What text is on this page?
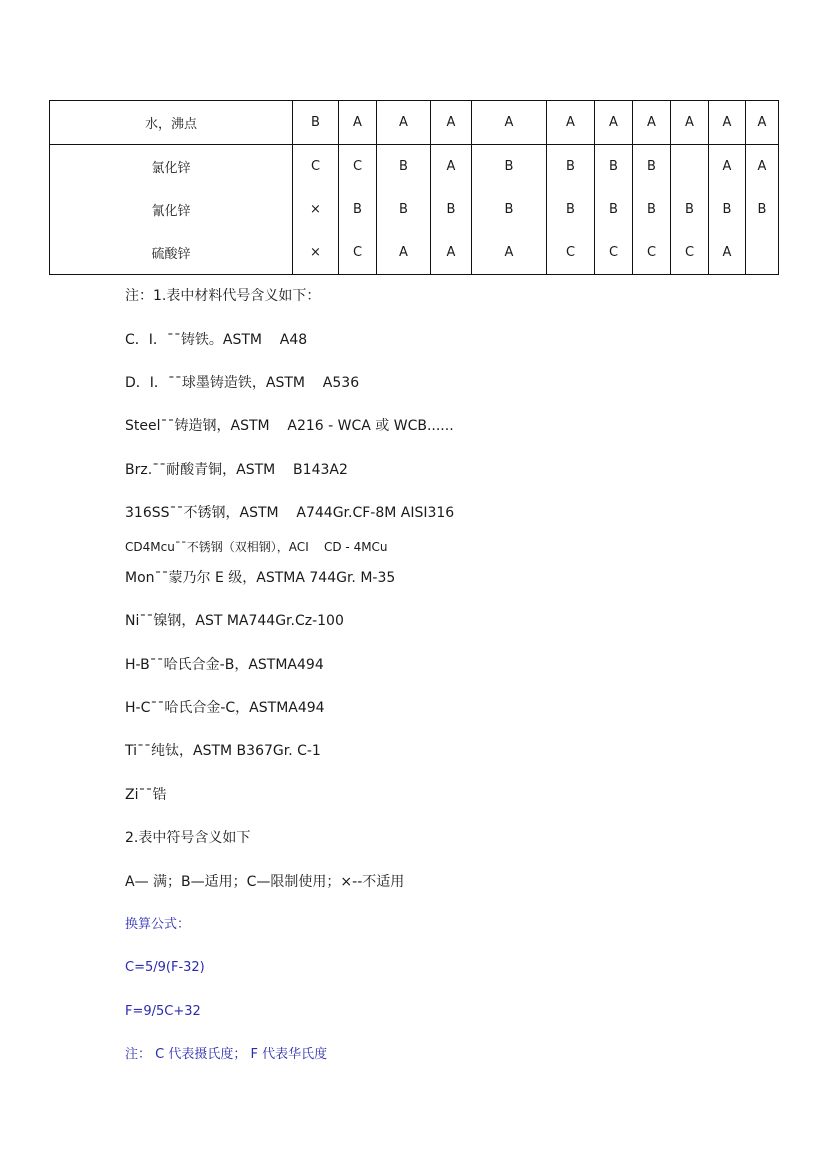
水，沸点	B	A	A	A	A	A	A	A	A	A	A
氯化锌	C	C	B	A	B	B	B	B		A	A
氰化锌	×	B	B	B	B	B	B	B	B	B	B
硫酸锌	×	C	A	A	A	C	C	C	C	A	
注：1.表中材料代号含义如下：
C．I．¯¯铸铁。ASTM    A48
D．I．¯¯球墨铸造铁，ASTM    A536
Steel¯¯铸造钢，ASTM    A216 - WCA 或 WCB......
Brz.¯¯耐酸青铜，ASTM    B143A2
316SS¯¯不锈钢，ASTM    A744Gr.CF-8M AISI316
CD4Mcu¯¯不锈钢（双相钢），ACI    CD - 4MCu
Mon¯¯蒙乃尔 E 级，ASTMA 744Gr. M-35
Ni¯¯镍钢，AST MA744Gr.Cz-100
H-B¯¯哈氏合金-B，ASTMA494
H-C¯¯哈氏合金-C，ASTMA494
Ti¯¯纯钛，ASTM B367Gr. C-1
Zi¯¯锆
2.表中符号含义如下
A— 满；B—适用；C—限制使用；×--不适用
换算公式：
C=5/9(F-32)
F=9/5C+32
注： C 代表摄氏度； F 代表华氏度
